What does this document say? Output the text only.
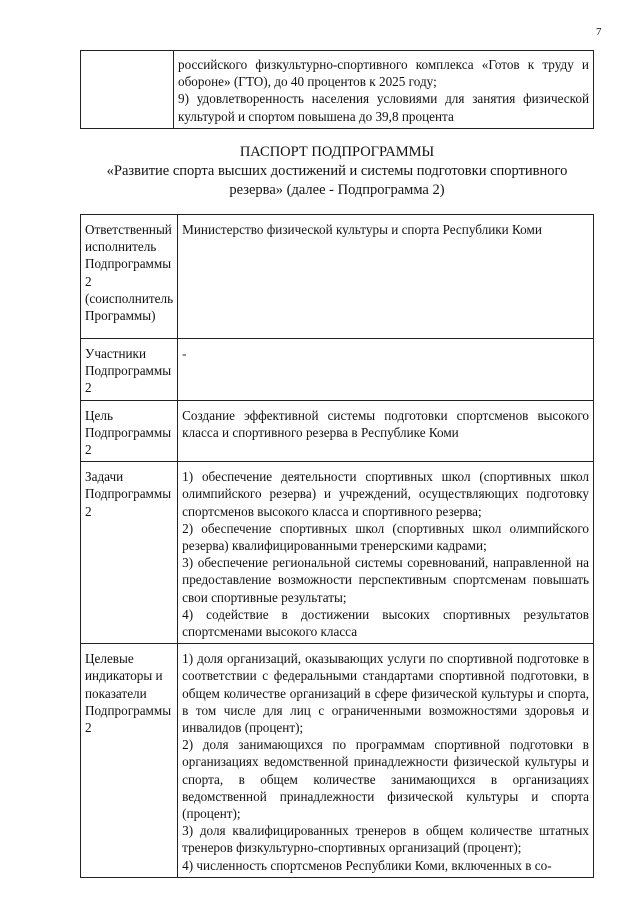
7

российского физкультурно-спортивного комплекса «Готов к труду и обороне» (ГТО), до 40 процентов к 2025 году;

9) удовлетворенность населения условиями для занятия физической культурой и спортом повышена до 39,8 процента

ПАСПОРТ ПОДПРОГРАММЫ
«Развитие спорта высших достижений и системы подготовки спортивного резерва» (далее - Подпрограмма 2)
Ответственный исполнитель Подпрограммы 2 (соисполнитель Программы)	Министерство физической культуры и спорта Республики Коми

Участники Подпрограммы 2	-

Цель Подпрограммы 2	Создание эффективной системы подготовки спортсменов высокого класса и спортивного резерва в Республике Коми

Задачи Подпрограммы 2	1) обеспечение деятельности спортивных школ (спортивных школ олимпийского резерва) и учреждений, осуществляющих подготовку спортсменов высокого класса и спортивного резерва;

2) обеспечение спортивных школ (спортивных школ олимпийского резерва) квалифицированными тренерскими кадрами;

3) обеспечение региональной системы соревнований, направленной на предоставление возможности перспективным спортсменам повышать свои спортивные результаты;

4) содействие в достижении высоких спортивных результатов спортсменами высокого класса

Целевые индикаторы и показатели Подпрограммы 2	1) доля организаций, оказывающих услуги по спортивной подготовке в соответствии с федеральными стандартами спортивной подготовки, в общем количестве организаций в сфере физической культуры и спорта, в том числе для лиц с ограниченными возможностями здоровья и инвалидов (процент);

2) доля занимающихся по программам спортивной подготовки в организациях ведомственной принадлежности физической культуры и спорта, в общем количестве занимающихся в организациях ведомственной принадлежности физической культуры и спорта (процент);

3) доля квалифицированных тренеров в общем количестве штатных тренеров физкультурно-спортивных организаций (процент);

4) численность спортсменов Республики Коми, включенных в со-
